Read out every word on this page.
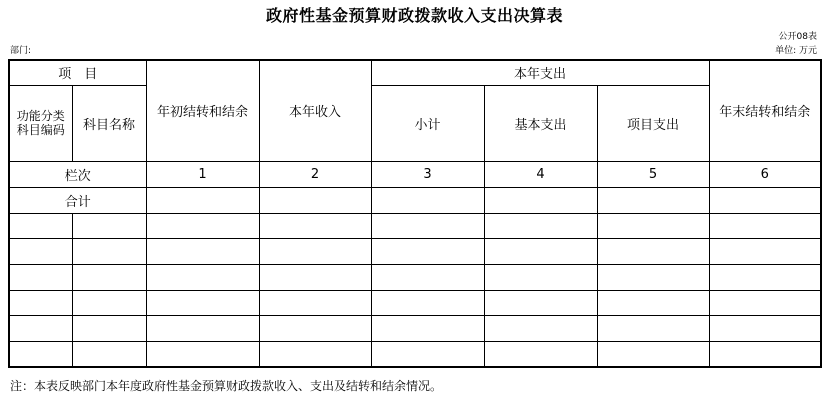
政府性基金预算财政拨款收入支出决算表
公开08表
部门:	单位: 万元
项　目		年初结转和结余	本年收入	本年支出			年末结转和结余
功能分类
科目编码	科目名称			小计	基本支出	项目支出	

栏次		1	2	3	4	5	6
合计							

注：本表反映部门本年度政府性基金预算财政拨款收入、支出及结转和结余情况。
